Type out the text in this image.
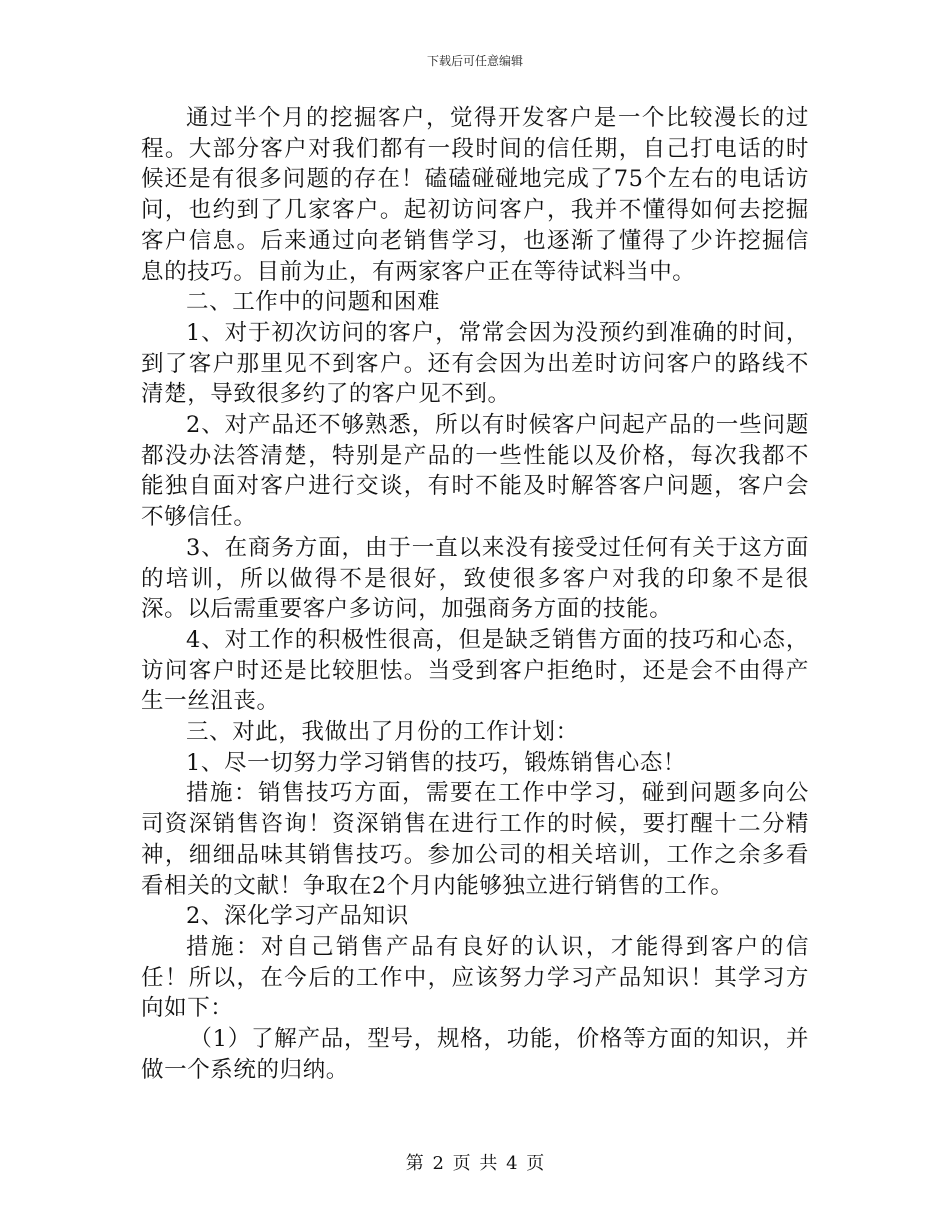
下载后可任意编辑

通过半个月的挖掘客户，觉得开发客户是一个比较漫长的过程。大部分客户对我们都有一段时间的信任期，自己打电话的时候还是有很多问题的存在！磕磕碰碰地完成了75个左右的电话访问，也约到了几家客户。起初访问客户，我并不懂得如何去挖掘客户信息。后来通过向老销售学习，也逐渐了懂得了少许挖掘信息的技巧。目前为止，有两家客户正在等待试料当中。

二、工作中的问题和困难

1、对于初次访问的客户，常常会因为没预约到准确的时间，到了客户那里见不到客户。还有会因为出差时访问客户的路线不清楚，导致很多约了的客户见不到。

2、对产品还不够熟悉，所以有时候客户问起产品的一些问题都没办法答清楚，特别是产品的一些性能以及价格，每次我都不能独自面对客户进行交谈，有时不能及时解答客户问题，客户会不够信任。

3、在商务方面，由于一直以来没有接受过任何有关于这方面的培训，所以做得不是很好，致使很多客户对我的印象不是很深。以后需重要客户多访问，加强商务方面的技能。

4、对工作的积极性很高，但是缺乏销售方面的技巧和心态，访问客户时还是比较胆怯。当受到客户拒绝时，还是会不由得产生一丝沮丧。

三、对此，我做出了月份的工作计划：

1、尽一切努力学习销售的技巧，锻炼销售心态！

措施：销售技巧方面，需要在工作中学习，碰到问题多向公司资深销售咨询！资深销售在进行工作的时候，要打醒十二分精神，细细品味其销售技巧。参加公司的相关培训，工作之余多看看相关的文献！争取在2个月内能够独立进行销售的工作。

2、深化学习产品知识

措施：对自己销售产品有良好的认识，才能得到客户的信任！所以，在今后的工作中，应该努力学习产品知识！其学习方向如下：

（1）了解产品，型号，规格，功能，价格等方面的知识，并做一个系统的归纳。

第 2 页 共 4 页
